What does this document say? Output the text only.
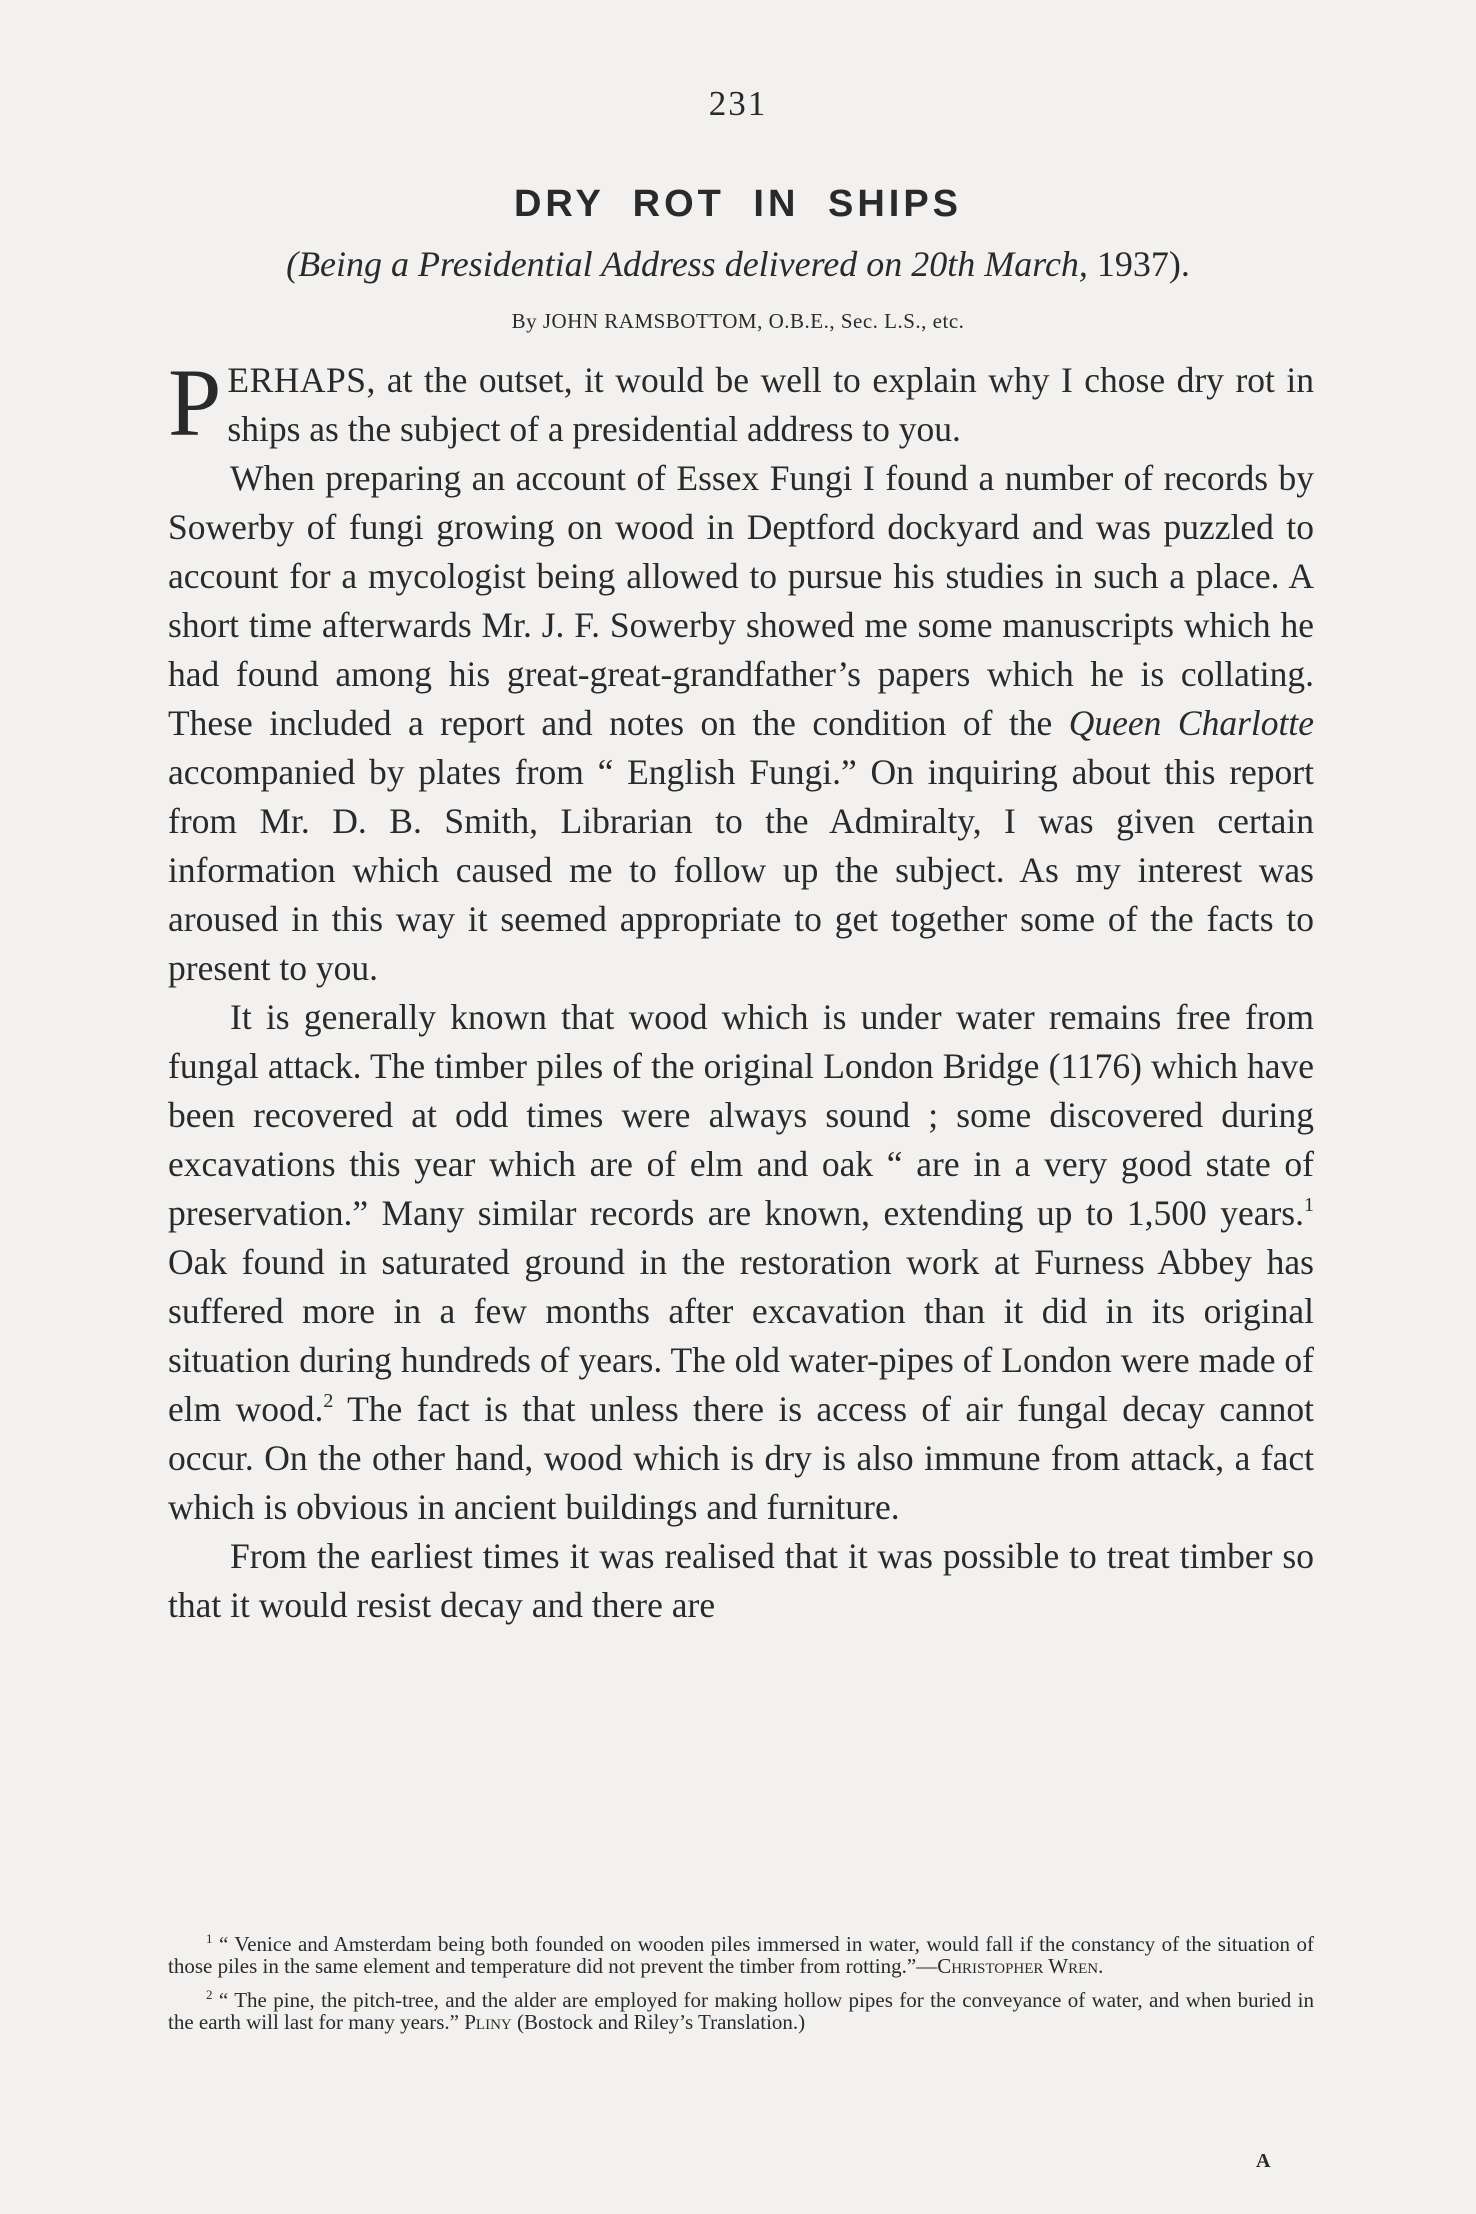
231
DRY ROT IN SHIPS
(Being a Presidential Address delivered on 20th March, 1937).
By JOHN RAMSBOTTOM, O.B.E., Sec. L.S., etc.

PERHAPS, at the outset, it would be well to explain why I chose dry rot in ships as the subject of a presidential address to you.

When preparing an account of Essex Fungi I found a number of records by Sowerby of fungi growing on wood in Deptford dockyard and was puzzled to account for a mycologist being allowed to pursue his studies in such a place. A short time afterwards Mr. J. F. Sowerby showed me some manuscripts which he had found among his great-great-grandfather’s papers which he is collating. These included a report and notes on the condition of the Queen Charlotte accompanied by plates from “ English Fungi.” On inquiring about this report from Mr. D. B. Smith, Librarian to the Admiralty, I was given certain information which caused me to follow up the subject. As my interest was aroused in this way it seemed appropriate to get together some of the facts to present to you.

It is generally known that wood which is under water remains free from fungal attack. The timber piles of the original London Bridge (1176) which have been recovered at odd times were always sound ; some discovered during excavations this year which are of elm and oak “ are in a very good state of preservation.” Many similar records are known, extending up to 1,500 years.$^1$ Oak found in saturated ground in the restoration work at Furness Abbey has suffered more in a few months after excavation than it did in its original situation during hundreds of years. The old water-pipes of London were made of elm wood.$^2$ The fact is that unless there is access of air fungal decay cannot occur. On the other hand, wood which is dry is also immune from attack, a fact which is obvious in ancient buildings and furniture.

From the earliest times it was realised that it was possible to treat timber so that it would resist decay and there are

$^1$ “ Venice and Amsterdam being both founded on wooden piles immersed in water, would fall if the constancy of the situation of those piles in the same element and temperature did not prevent the timber from rotting.”—Christopher Wren.

$^2$ “ The pine, the pitch-tree, and the alder are employed for making hollow pipes for the conveyance of water, and when buried in the earth will last for many years.” Pliny (Bostock and Riley’s Translation.)

A
